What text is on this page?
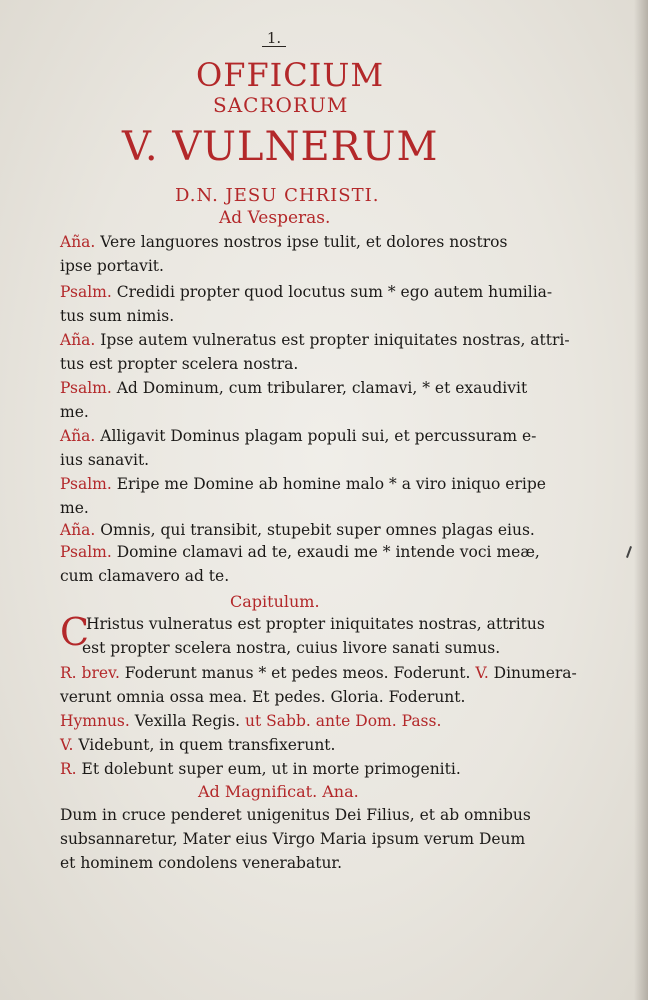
1.
OFFICIUM
SACRORUM
V. VULNERUM
D.N. JESU CHRISTI.
Ad Vesperas.
Aña. Vere languores nostros ipse tulit, et dolores nostros
ipse portavit.
Psalm. Credidi propter quod locutus sum * ego autem humilia-
tus sum nimis.
Aña. Ipse autem vulneratus est propter iniquitates nostras, attri-
tus est propter scelera nostra.
Psalm. Ad Dominum, cum tribularer, clamavi, * et exaudivit
me.
Aña. Alligavit Dominus plagam populi sui, et percussuram e-
ius sanavit.
Psalm. Eripe me Domine ab homine malo * a viro iniquo eripe
me.
Aña. Omnis, qui transibit, stupebit super omnes plagas eius.
Psalm. Domine clamavi ad te, exaudi me * intende voci meæ,
cum clamavero ad te.
Capitulum.
C
Hristus vulneratus est propter iniquitates nostras, attritus
est propter scelera nostra, cuius livore sanati sumus.
R. brev. Foderunt manus * et pedes meos. Foderunt. V. Dinumera-
verunt omnia ossa mea. Et pedes. Gloria. Foderunt.
Hymnus. Vexilla Regis. ut Sabb. ante Dom. Pass.
V. Videbunt, in quem transfixerunt.
R. Et dolebunt super eum, ut in morte primogeniti.
Ad Magnificat. Ana.
Dum in cruce penderet unigenitus Dei Filius, et ab omnibus
subsannaretur, Mater eius Virgo Maria ipsum verum Deum
et hominem condolens venerabatur.
